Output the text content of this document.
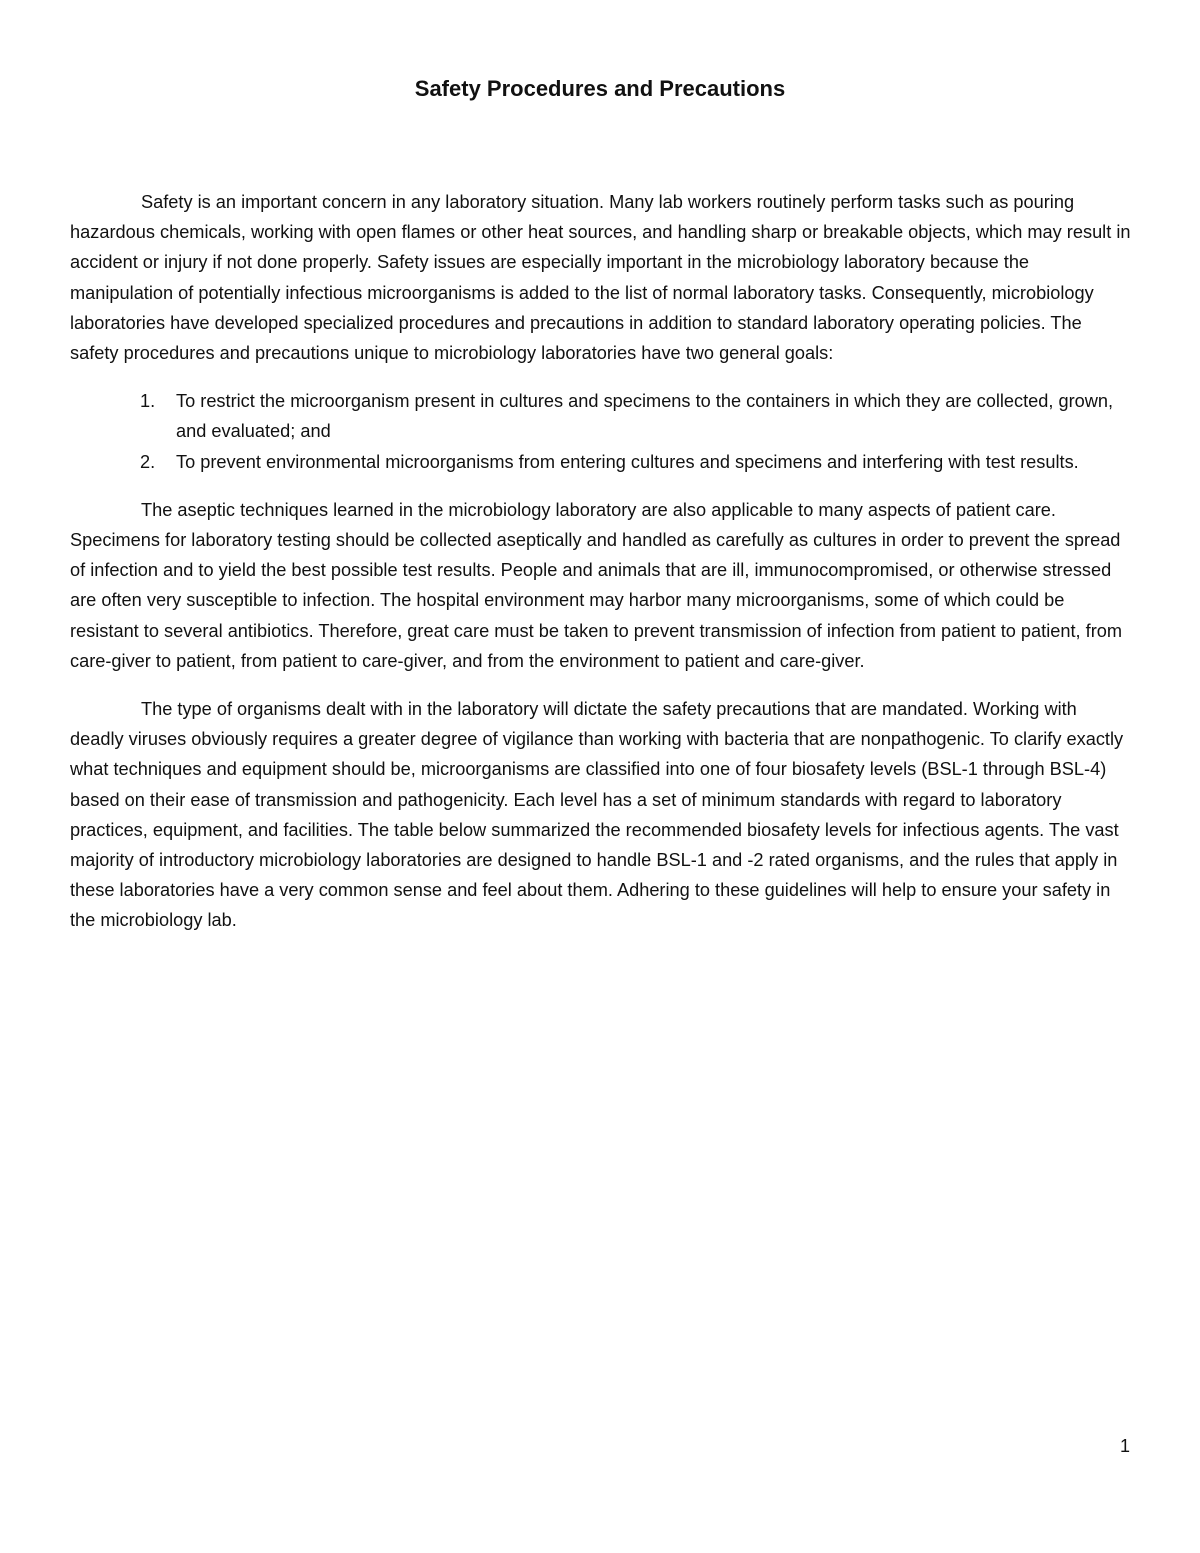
Safety Procedures and Precautions

Safety is an important concern in any laboratory situation. Many lab workers routinely perform tasks such as pouring hazardous chemicals, working with open flames or other heat sources, and handling sharp or breakable objects, which may result in accident or injury if not done properly. Safety issues are especially important in the microbiology laboratory because the manipulation of potentially infectious microorganisms is added to the list of normal laboratory tasks. Consequently, microbiology laboratories have developed specialized procedures and precautions in addition to standard laboratory operating policies. The safety procedures and precautions unique to microbiology laboratories have two general goals:

1.	To restrict the microorganism present in cultures and specimens to the containers in which they are collected, grown, and evaluated; and
2.	To prevent environmental microorganisms from entering cultures and specimens and interfering with test results.

The aseptic techniques learned in the microbiology laboratory are also applicable to many aspects of patient care. Specimens for laboratory testing should be collected aseptically and handled as carefully as cultures in order to prevent the spread of infection and to yield the best possible test results. People and animals that are ill, immunocompromised, or otherwise stressed are often very susceptible to infection. The hospital environment may harbor many microorganisms, some of which could be resistant to several antibiotics. Therefore, great care must be taken to prevent transmission of infection from patient to patient, from care-giver to patient, from patient to care-giver, and from the environment to patient and care-giver.

The type of organisms dealt with in the laboratory will dictate the safety precautions that are mandated. Working with deadly viruses obviously requires a greater degree of vigilance than working with bacteria that are nonpathogenic. To clarify exactly what techniques and equipment should be, microorganisms are classified into one of four biosafety levels (BSL-1 through BSL-4) based on their ease of transmission and pathogenicity. Each level has a set of minimum standards with regard to laboratory practices, equipment, and facilities. The table below summarized the recommended biosafety levels for infectious agents. The vast majority of introductory microbiology laboratories are designed to handle BSL-1 and -2 rated organisms, and the rules that apply in these laboratories have a very common sense and feel about them. Adhering to these guidelines will help to ensure your safety in the microbiology lab.

1
